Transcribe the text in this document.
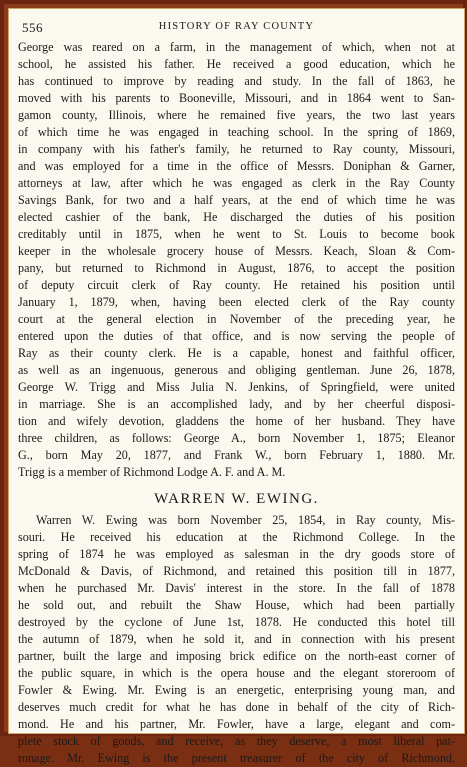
556	HISTORY OF RAY COUNTY
George was reared on a farm, in the management of which, when not at
school, he assisted his father. He received a good education, which he
has continued to improve by reading and study. In the fall of 1863, he
moved with his parents to Booneville, Missouri, and in 1864 went to San-
gamon county, Illinois, where he remained five years, the two last years
of which time he was engaged in teaching school. In the spring of 1869,
in company with his father's family, he returned to Ray county, Missouri,
and was employed for a time in the office of Messrs. Doniphan & Garner,
attorneys at law, after which he was engaged as clerk in the Ray County
Savings Bank, for two and a half years, at the end of which time he was
elected cashier of the bank, He discharged the duties of his position
creditably until in 1875, when he went to St. Louis to become book
keeper in the wholesale grocery house of Messrs. Keach, Sloan & Com-
pany, but returned to Richmond in August, 1876, to accept the position
of deputy circuit clerk of Ray county. He retained his position until
January 1, 1879, when, having been elected clerk of the Ray county
court at the general election in November of the preceding year, he
entered upon the duties of that office, and is now serving the people of
Ray as their county clerk. He is a capable, honest and faithful officer,
as well as an ingenuous, generous and obliging gentleman. June 26, 1878,
George W. Trigg and Miss Julia N. Jenkins, of Springfield, were united
in marriage. She is an accomplished lady, and by her cheerful disposi-
tion and wifely devotion, gladdens the home of her husband. They have
three children, as follows: George A., born November 1, 1875; Eleanor
G., born May 20, 1877, and Frank W., born February 1, 1880. Mr.
Trigg is a member of Richmond Lodge A. F. and A. M.
WARREN W. EWING.
Warren W. Ewing was born November 25, 1854, in Ray county, Mis-
souri. He received his education at the Richmond College. In the
spring of 1874 he was employed as salesman in the dry goods store of
McDonald & Davis, of Richmond, and retained this position till in 1877,
when he purchased Mr. Davis' interest in the store. In the fall of 1878
he sold out, and rebuilt the Shaw House, which had been partially
destroyed by the cyclone of June 1st, 1878. He conducted this hotel till
the autumn of 1879, when he sold it, and in connection with his present
partner, built the large and imposing brick edifice on the north-east corner of
the public square, in which is the opera house and the elegant storeroom of
Fowler & Ewing. Mr. Ewing is an energetic, enterprising young man, and
deserves much credit for what he has done in behalf of the city of Rich-
mond. He and his partner, Mr. Fowler, have a large, elegant and com-
plete stock of goods, and receive, as they deserve, a most liberal pat-
ronage. Mr. Ewing is the present treasurer of the city of Richmond,
